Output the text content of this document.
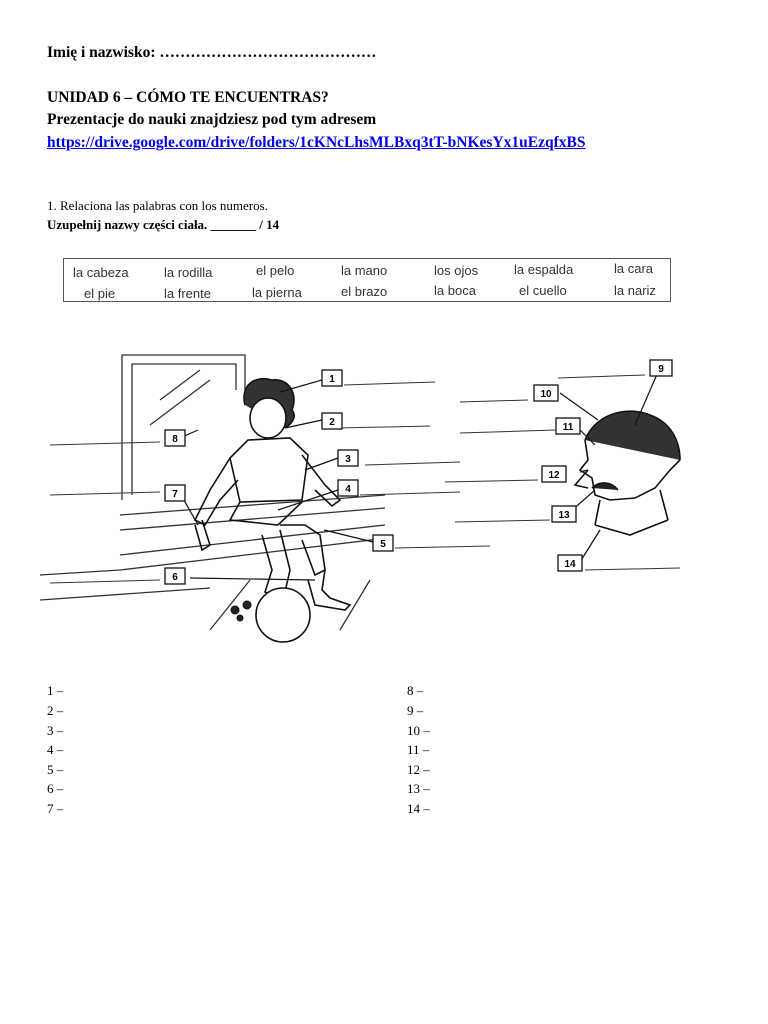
Imię i nazwisko: ……………………………………
UNIDAD 6 – CÓMO TE ENCUENTRAS?
Prezentacje do nauki znajdziesz pod tym adresem
https://drive.google.com/drive/folders/1cKNcLhsMLBxq3tT-bNKesYx1uEzqfxBS
1. Relaciona las palabras con los numeros.
Uzupełnij nazwy części ciała. _______ / 14
la cabeza	la rodilla	el pelo	la mano	los ojos	la espalda	la cara
el pie	la frente	la pierna	el brazo	la boca	el cuello	la nariz
1
2
3
4
5
6
7
8
9
10
11
12
13
14
1 –
2 –
3 –
4 –
5 –
6 –
7 –
8 –
9 –
10 –
11 –
12 –
13 –
14 –
